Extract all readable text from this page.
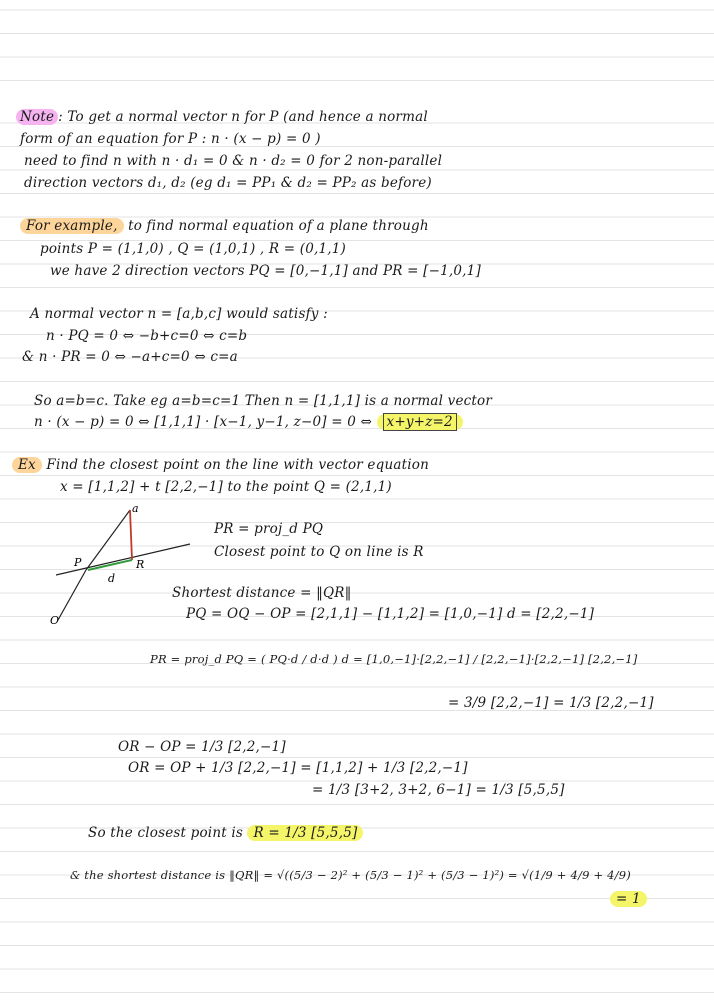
Note : To get a normal vector n for P (and hence a normal
form of an equation for P : n · (x − p) = 0 )
need to find n with n · d₁ = 0 & n · d₂ = 0 for 2 non-parallel
direction vectors d₁, d₂ (eg d₁ = PP₁ & d₂ = PP₂ as before)
For example, to find normal equation of a plane through
points P = (1,1,0) , Q = (1,0,1) , R = (0,1,1)
we have 2 direction vectors PQ = [0,−1,1] and PR = [−1,0,1]
A normal vector n = [a,b,c] would satisfy :
n · PQ = 0 ⇔ −b+c=0 ⇔ c=b
& n · PR = 0 ⇔ −a+c=0 ⇔ c=a
So a=b=c. Take eg a=b=c=1 Then n = [1,1,1] is a normal vector
n · (x − p) = 0 ⇔ [1,1,1] · [x−1, y−1, z−0] = 0 ⇔ x+y+z=2
Ex Find the closest point on the line with vector equation
x = [1,1,2] + t [2,2,−1] to the point Q = (2,1,1)
a
P
d
R
O
PR = proj_d PQ
Closest point to Q on line is R
Shortest distance = ‖QR‖
PQ = OQ − OP = [2,1,1] − [1,1,2] = [1,0,−1] d = [2,2,−1]
PR = proj_d PQ = ( PQ·d / d·d ) d = [1,0,−1]·[2,2,−1] / [2,2,−1]·[2,2,−1] [2,2,−1]
= 3/9 [2,2,−1] = 1/3 [2,2,−1]
OR − OP = 1/3 [2,2,−1]
OR = OP + 1/3 [2,2,−1] = [1,1,2] + 1/3 [2,2,−1]
= 1/3 [3+2, 3+2, 6−1] = 1/3 [5,5,5]
So the closest point is R = 1/3 [5,5,5]
& the shortest distance is ‖QR‖ = √((5/3 − 2)² + (5/3 − 1)² + (5/3 − 1)²) = √(1/9 + 4/9 + 4/9)
= 1
